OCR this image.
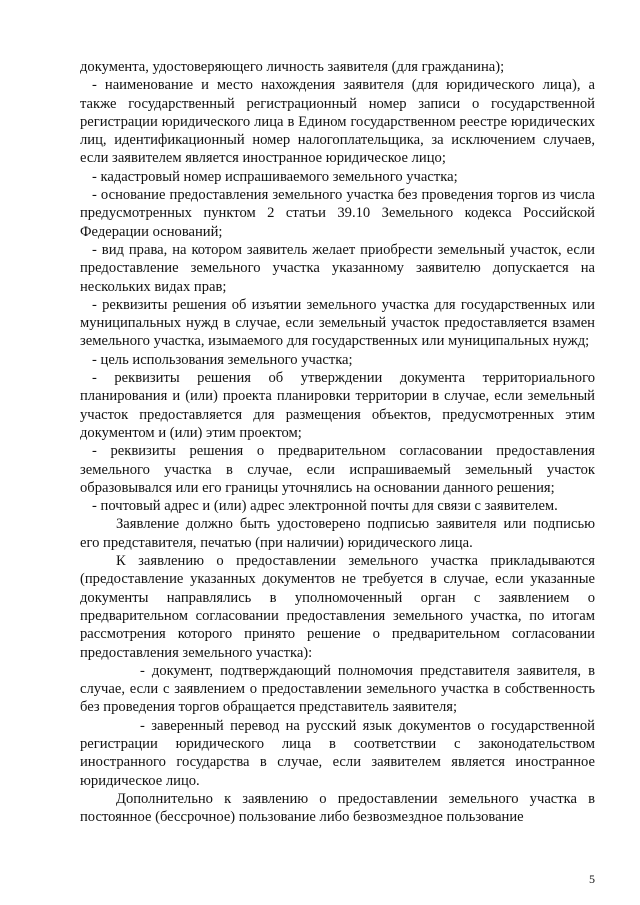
документа, удостоверяющего личность заявителя (для гражданина);

- наименование и место нахождения заявителя (для юридического лица), а также государственный регистрационный номер записи о государственной регистрации юридического лица в Едином государственном реестре юридических лиц, идентификационный номер налогоплательщика, за исключением случаев, если заявителем является иностранное юридическое лицо;

- кадастровый номер испрашиваемого земельного участка;

- основание предоставления земельного участка без проведения торгов из числа предусмотренных пунктом 2 статьи 39.10 Земельного кодекса Российской Федерации оснований;

- вид права, на котором заявитель желает приобрести земельный участок, если предоставление земельного участка указанному заявителю допускается на нескольких видах прав;

- реквизиты решения об изъятии земельного участка для государственных или муниципальных нужд в случае, если земельный участок предоставляется взамен земельного участка, изымаемого для государственных или муниципальных нужд;

- цель использования земельного участка;

- реквизиты решения об утверждении документа территориального планирования и (или) проекта планировки территории в случае, если земельный участок предоставляется для размещения объектов, предусмотренных этим документом и (или) этим проектом;

- реквизиты решения о предварительном согласовании предоставления земельного участка в случае, если испрашиваемый земельный участок образовывался или его границы уточнялись на основании данного решения;

- почтовый адрес и (или) адрес электронной почты для связи с заявителем.

Заявление должно быть удостоверено подписью заявителя или подписью его представителя, печатью (при наличии) юридического лица.

К заявлению о предоставлении земельного участка прикладываются (предоставление указанных документов не требуется в случае, если указанные документы направлялись в уполномоченный орган с заявлением о предварительном согласовании предоставления земельного участка, по итогам рассмотрения которого принято решение о предварительном согласовании предоставления земельного участка):

- документ, подтверждающий полномочия представителя заявителя, в случае, если с заявлением о предоставлении земельного участка в собственность без проведения торгов обращается представитель заявителя;

- заверенный перевод на русский язык документов о государственной регистрации юридического лица в соответствии с законодательством иностранного государства в случае, если заявителем является иностранное юридическое лицо.

Дополнительно к заявлению о предоставлении земельного участка в постоянное (бессрочное) пользование либо безвозмездное пользование

5
